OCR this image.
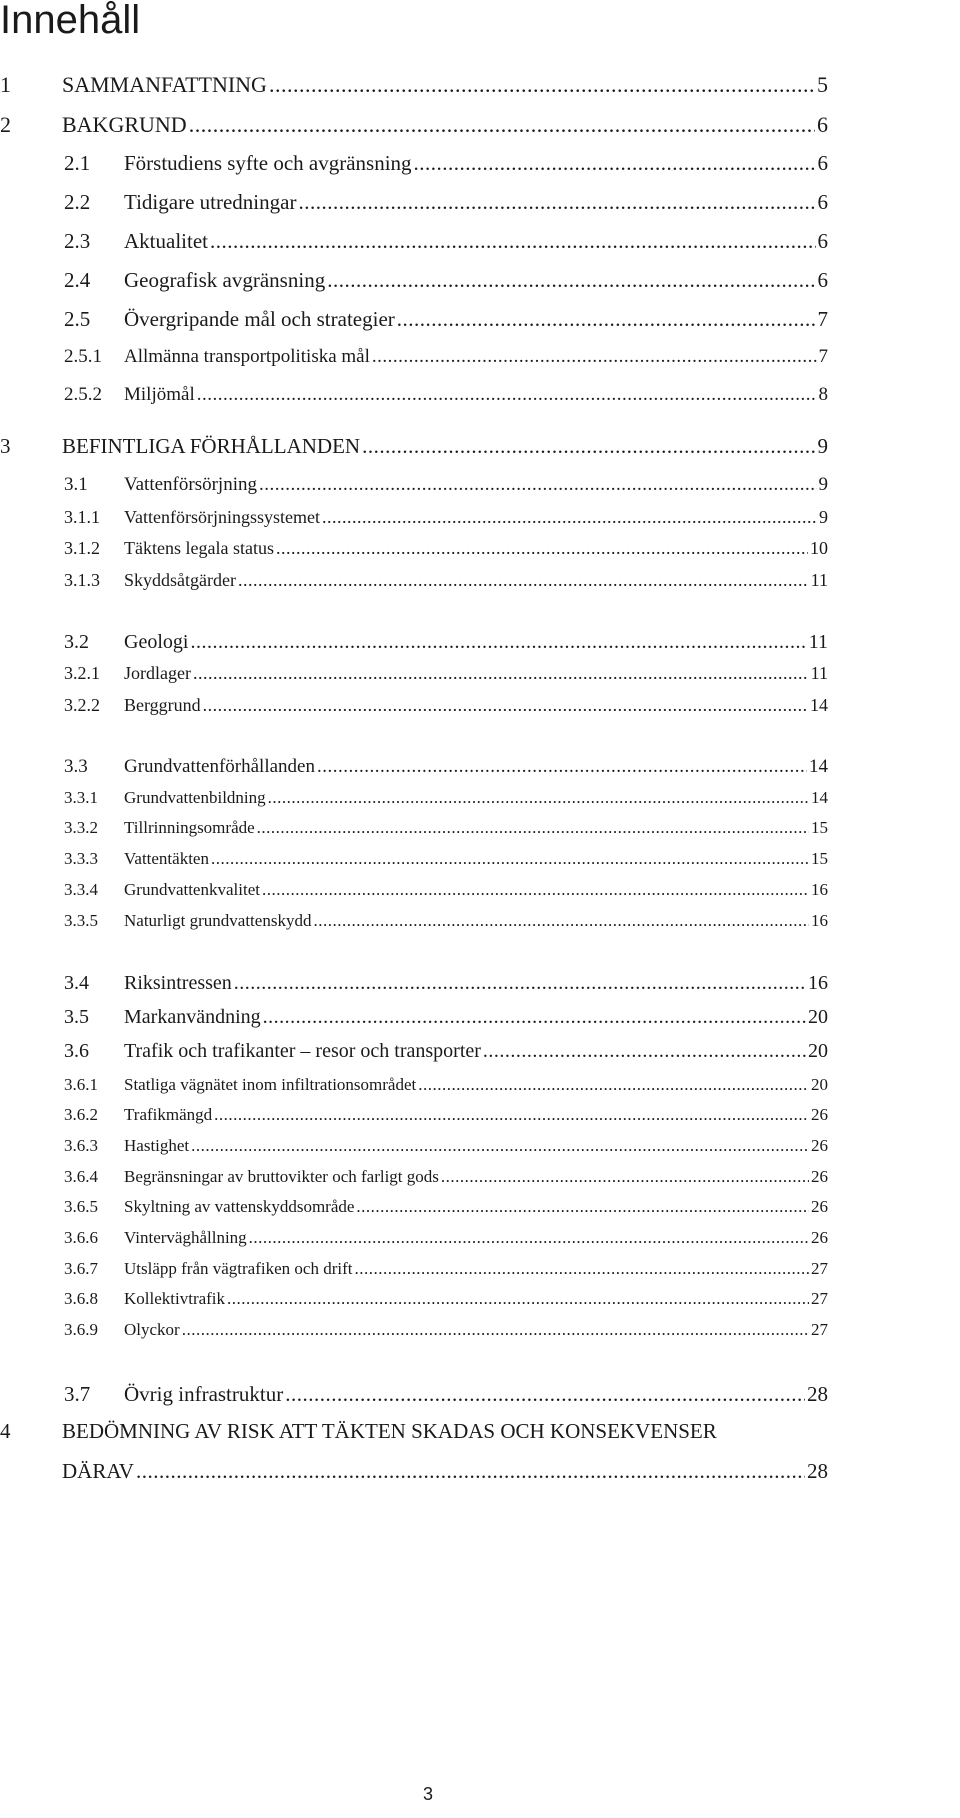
Innehåll
1	SAMMANFATTNING .....	5
2	BAKGRUND .....	6
2.1	Förstudiens syfte och avgränsning .....	6
2.2	Tidigare utredningar .....	6
2.3	Aktualitet .....	6
2.4	Geografisk avgränsning .....	6
2.5	Övergripande mål och strategier .....	7
2.5.1	Allmänna transportpolitiska mål .....	7
2.5.2	Miljömål .....	8
3	BEFINTLIGA FÖRHÅLLANDEN .....	9
3.1	Vattenförsörjning .....	9
3.1.1	Vattenförsörjningssystemet .....	9
3.1.2	Täktens legala status .....	10
3.1.3	Skyddsåtgärder .....	11
3.2	Geologi .....	11
3.2.1	Jordlager .....	11
3.2.2	Berggrund .....	14
3.3	Grundvattenförhållanden .....	14
3.3.1	Grundvattenbildning .....	14
3.3.2	Tillrinningsområde .....	15
3.3.3	Vattentäkten .....	15
3.3.4	Grundvattenkvalitet .....	16
3.3.5	Naturligt grundvattenskydd .....	16
3.4	Riksintressen .....	16
3.5	Markanvändning .....	20
3.6	Trafik och trafikanter – resor och transporter .....	20
3.6.1	Statliga vägnätet inom infiltrationsområdet .....	20
3.6.2	Trafikmängd .....	26
3.6.3	Hastighet .....	26
3.6.4	Begränsningar av bruttovikter och farligt gods .....	26
3.6.5	Skyltning av vattenskyddsområde .....	26
3.6.6	Vinterväghållning .....	26
3.6.7	Utsläpp från vägtrafiken och drift .....	27
3.6.8	Kollektivtrafik .....	27
3.6.9	Olyckor .....	27
3.7	Övrig infrastruktur .....	28
4	BEDÖMNING AV RISK ATT TÄKTEN SKADAS OCH KONSEKVENSER
DÄRAV .....	28
3
